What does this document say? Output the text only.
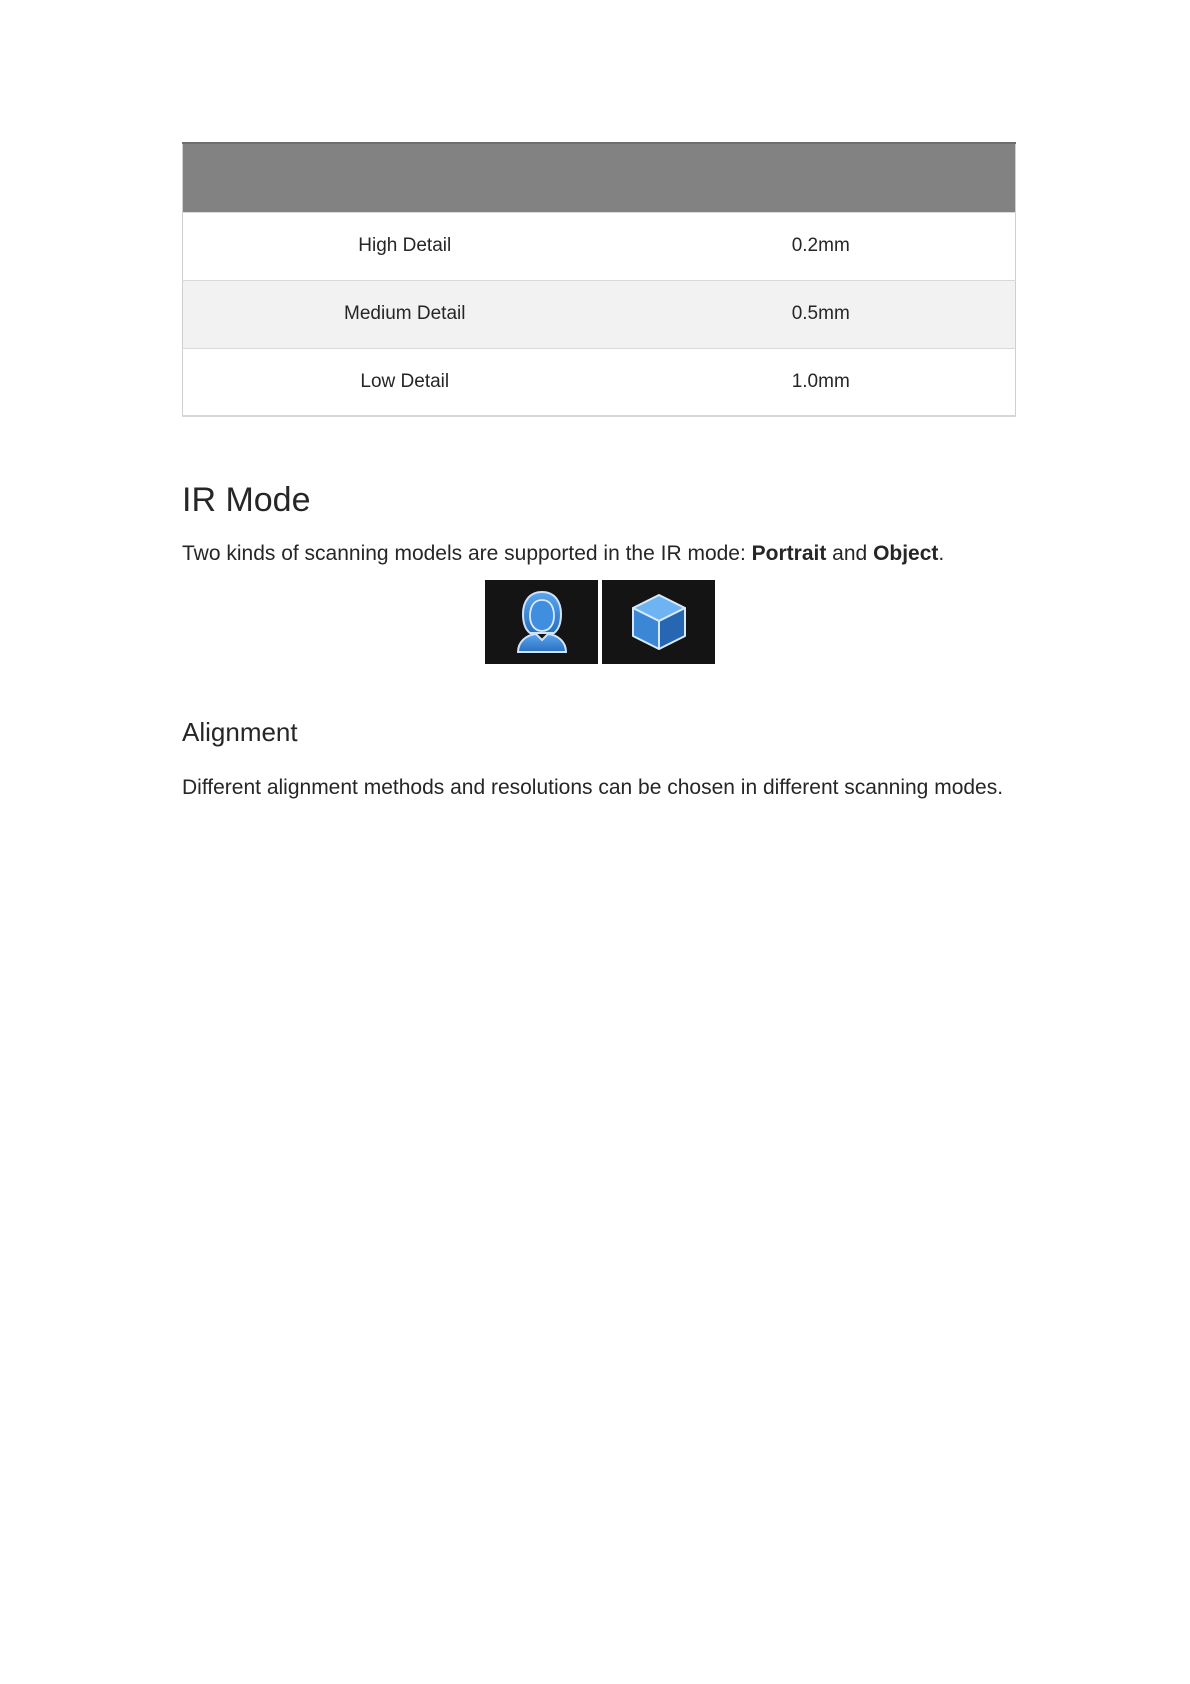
High Detail	0.2mm
Medium Detail	0.5mm
Low Detail	1.0mm
IR Mode

Two kinds of scanning models are supported in the IR mode: Portrait and Object.

Alignment

Different alignment methods and resolutions can be chosen in different scanning modes.
